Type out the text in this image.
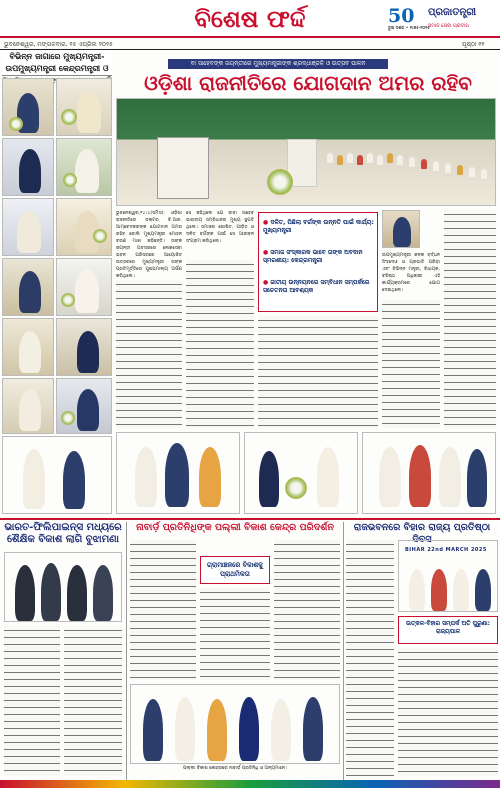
ବିଶେଷ ଫର୍ଦ୍ଦ	50
ଡୁଇ ଦଶକ • ୧୯୭୫-୨୦୨୫
ପ୍ରଜାତନ୍ତ୍ରୀ
ସମାଜ ସେବା ପ୍ରଦୀପ
ଭୁବନେଶ୍ୱର, ମଙ୍ଗଳବାର, ୧୫ ଏପ୍ରିଲ ୨୦୨୫	ପୃଷ୍ଠା ୧୧
ବିଭିନ୍ନ ଜାଗାରେ ମୁଖ୍ୟମନ୍ତ୍ରୀ-ଉପମୁଖ୍ୟମନ୍ତ୍ରୀ କେନ୍ଦ୍ରମନ୍ତ୍ରୀ ଓ
ବା ସାହେବଙ୍କ ଜୟନ୍ତୀରେ ମୁଖ୍ୟମନ୍ତ୍ରୀଙ୍କ ଶ୍ରଦ୍ଧାଞ୍ଜଳି ଓ ଉତ୍ସବ ପାଳନ
ଓଡ଼ିଶା ରାଜନୀତିରେ ଯୋଗଦାନ ଅମର ରହିବ

ଭୁବନେଶ୍ୱର,୧୪।୪(ସମିସ): ଓଡ଼ିଶା ରାଜନୀତିରେ ଡକ୍ଟର ବି.ଆର. ଆମ୍ବେଦକରଙ୍କ ଯୋଗଦାନ ଅମର ରହିବ ବୋଲି ମୁଖ୍ୟମନ୍ତ୍ରୀ ମୋହନ ଚରଣ ମାଝୀ କହିଛନ୍ତି। ତାଙ୍କ ଜୟନ୍ତୀ ଅବସରରେ ଲୋକସେବା ଭବନ ପରିସରରେ ଆୟୋଜିତ ଉତ୍ସବରେ ମୁଖ୍ୟମନ୍ତ୍ରୀ ତାଙ୍କ ପ୍ରତିମୂର୍ତ୍ତିରେ ପୁଷ୍ପମାଲ୍ୟ ଅର୍ପଣ କରିଥିଲେ।

ସେ କହିଥିଲେ ଯେ ବାବା ସାହେବ ଭାରତୀୟ ସମ୍ବିଧାନର ମୁଖ୍ୟ ସ୍ଥପତି ଥିଲେ। ସମାଜର ଶୋଷିତ, ପୀଡ଼ିତ ଓ ଦଳିତ ବର୍ଗଙ୍କ ପାଇଁ ସେ ଆଜୀବନ ସଂଗ୍ରାମ କରିଥିଲେ।

● ଦଳିତ, ପିଛିଲା ବର୍ଗଙ୍କ ଉନ୍ନତି ପାଇଁ କାର୍ଯ୍ୟ: ମୁଖ୍ୟମନ୍ତ୍ରୀ
● ସମାଜ ସଂସ୍କାରକ ଭାବେ ତାଙ୍କ ଅବଦାନ ସ୍ମରଣୀୟ: କେନ୍ଦ୍ରମନ୍ତ୍ରୀ
● ଜାତୀୟ ଉନ୍ନୟନରେ ସମ୍ବିଧାନ ସମ୍ପର୍କରେ ସଚେତନତା ଆବଶ୍ୟକ

ଉପମୁଖ୍ୟମନ୍ତ୍ରୀ କନକ ବର୍ଦ୍ଧନ ସିଂହଦେଓ ଓ ପ୍ରଭାତି ପରିଡ଼ା ଏବଂ ବିଭିନ୍ନ ମନ୍ତ୍ରୀ, ବିଧାୟକ, ବରିଷ୍ଠ ଅଧିକାରୀ ଏହି କାର୍ଯ୍ୟକ୍ରମରେ ଯୋଗ ଦେଇଥିଲେ।

ଭାରତ-ଫିଲିପାଇନ୍ସ ମଧ୍ୟରେ ଶୈକ୍ଷିକ ବିକାଶ ଲାଗି ବୁଝାମଣା
ନାବାର୍ଡ଼ ପ୍ରତିନିଧିଙ୍କ ପଲ୍ଲୀ ବିକାଶ କେନ୍ଦ୍ର ପରିଦର୍ଶନ
ଗ୍ରାମାଞ୍ଚଳରେ ବିକାଶକୁ ପ୍ରାଥମିକତା
ପଲ୍ଲୀ ବିକାଶ କେନ୍ଦ୍ରରେ ନାବାର୍ଡ଼ ପ୍ରତିନିଧି ଓ ଅନ୍ୟମାନେ।
ରାଜଭବନରେ ବିହାର ରାଜ୍ୟ ପ୍ରତିଷ୍ଠା ଦିବସ
BIHAR 22nd MARCH 2025
ଉତ୍କଳ-ବିହାର ସମ୍ପର୍କ ଅତି ପୁରୁଣା: ରାଜ୍ୟପାଳ
